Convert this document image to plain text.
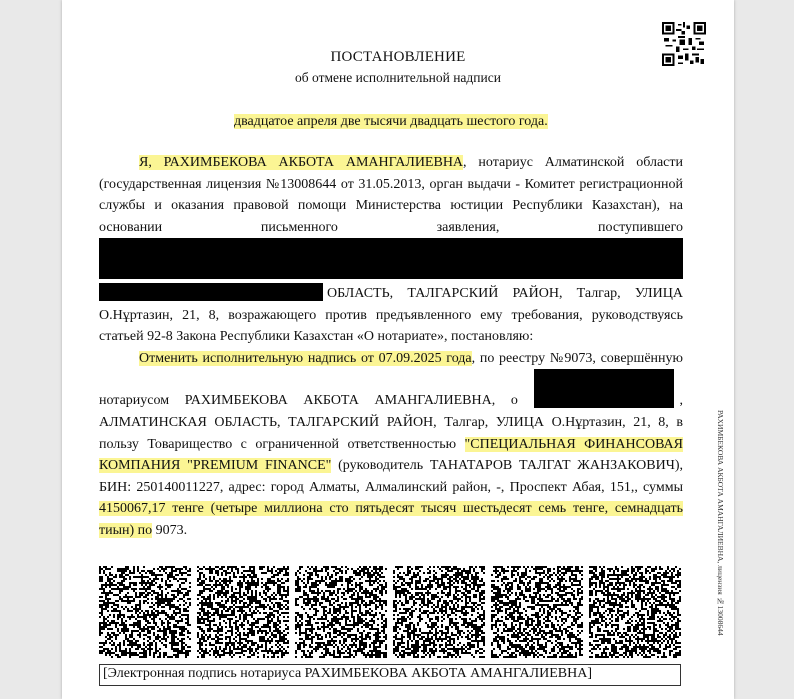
ПОСТАНОВЛЕНИЕ
об отмене исполнительной надписи
двадцатое апреля две тысячи двадцать шестого года.

Я, РАХИМБЕКОВА АКБОТА АМАНГАЛИЕВНА, нотариус Алматинской области (государственная лицензия №13008644 от 31.05.2013, орган выдачи - Комитет регистрационной службы и оказания правовой помощи Министерства юстиции Республики Казахстан), на основании письменного заявления, поступившего ОБЛАСТЬ, ТАЛГАРСКИЙ РАЙОН, Талгар, УЛИЦА О.Нұртазин, 21, 8, возражающего против предъявленного ему требования, руководствуясь статьей 92-8 Закона Республики Казахстан «О нотариате», постановляю:

Отменить исполнительную надпись от 07.09.2025 года, по реестру №9073, совершённую нотариусом РАХИМБЕКОВА АКБОТА АМАНГАЛИЕВНА, о	, АЛМАТИНСКАЯ ОБЛАСТЬ, ТАЛГАРСКИЙ РАЙОН, Талгар, УЛИЦА О.Нұртазин, 21, 8, в пользу Товарищество с ограниченной ответственностью "СПЕЦИАЛЬНАЯ ФИНАНСОВАЯ КОМПАНИЯ "PREMIUM FINANCE" (руководитель ТАНАТАРОВ ТАЛГАТ ЖАНЗАКОВИЧ), БИН: 250140011227, адрес: город Алматы, Алмалинский район, -, Проспект Абая, 151,, суммы 4150067,17 тенге (четыре миллиона сто пятьдесят тысяч шестьдесят семь тенге, семнадцать тиын) по 9073.

[Электронная подпись нотариуса РАХИМБЕКОВА АКБОТА АМАНГАЛИЕВНА]
РАХИМБЕКОВА АКБОТА АМАНГАЛИЕВНА, лицензия №13008644
